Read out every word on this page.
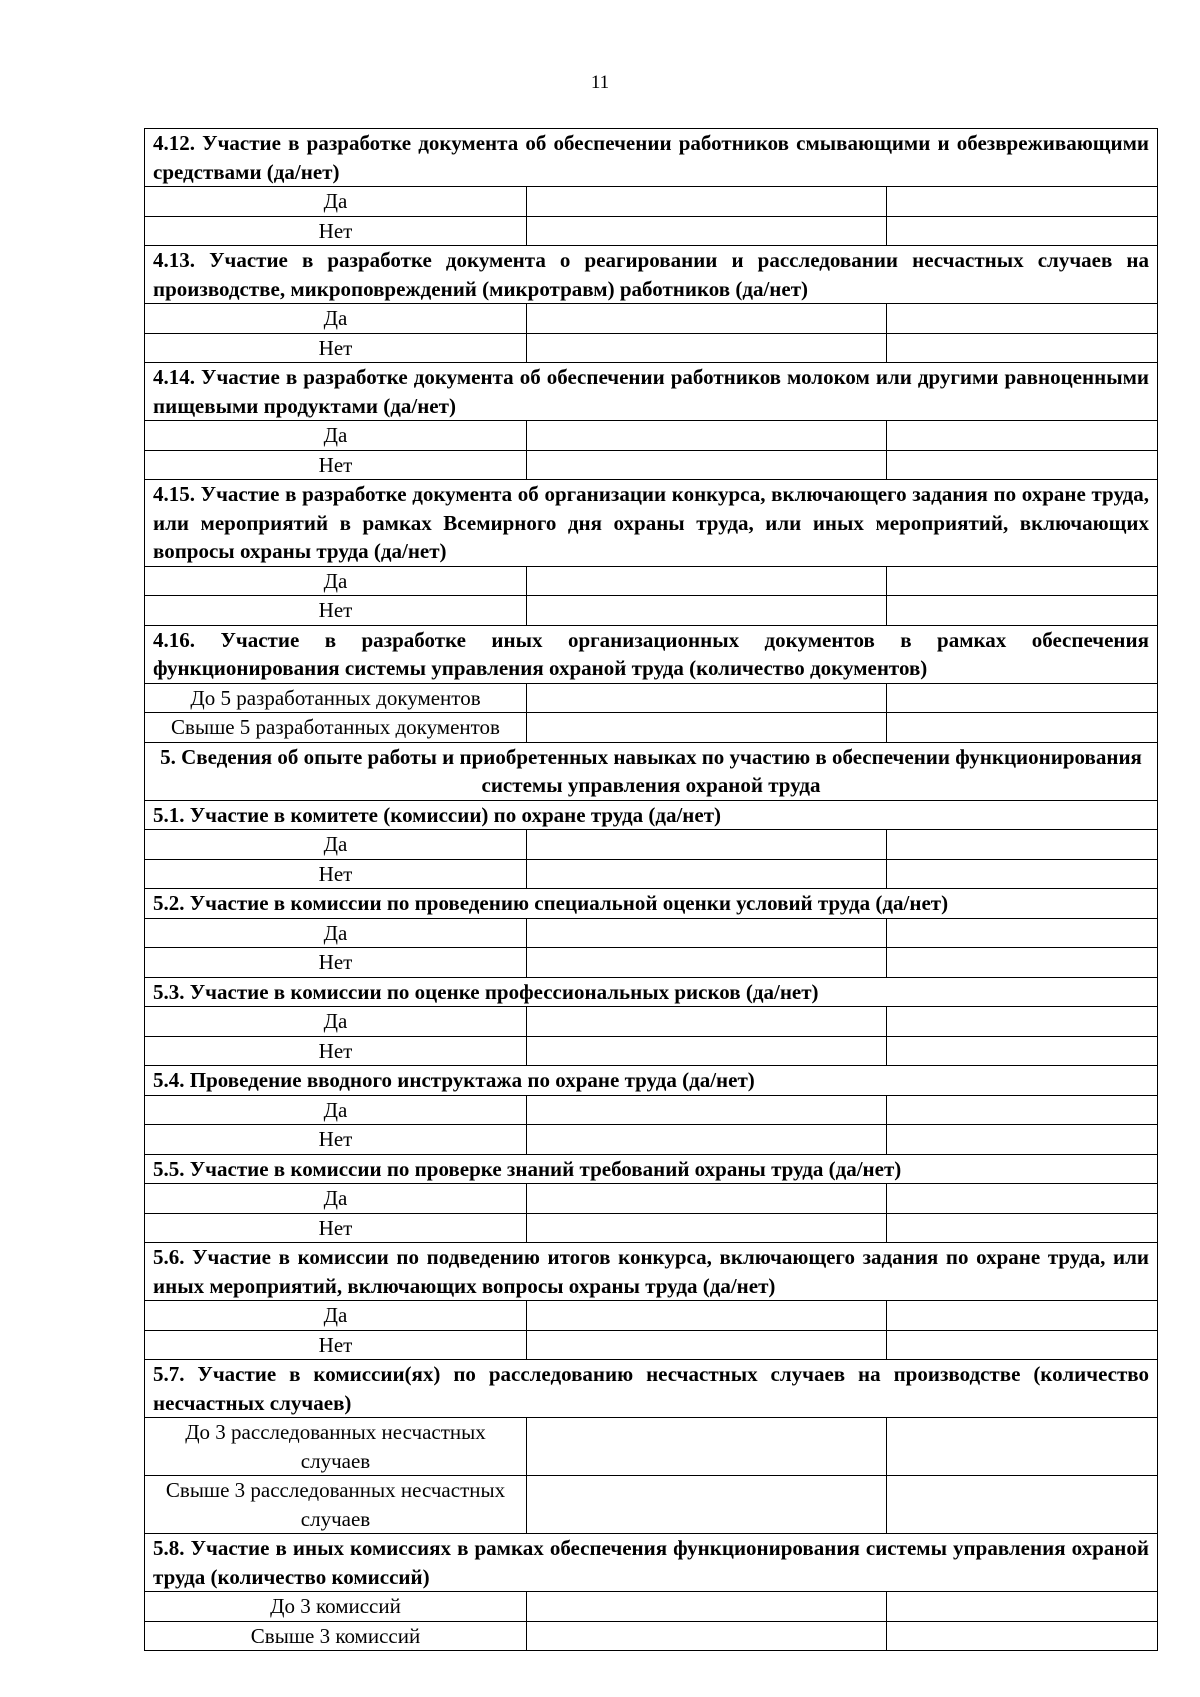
11
4.12. Участие в разработке документа об обеспечении работников смывающими и обезвреживающими средствами (да/нет)		
Да		
Нет		
4.13. Участие в разработке документа о реагировании и расследовании несчастных случаев на производстве, микроповреждений (микротравм) работников (да/нет)		
Да		
Нет		
4.14. Участие в разработке документа об обеспечении работников молоком или другими равноценными пищевыми продуктами (да/нет)		
Да		
Нет		
4.15. Участие в разработке документа об организации конкурса, включающего задания по охране труда, или мероприятий в рамках Всемирного дня охраны труда, или иных мероприятий, включающих вопросы охраны труда (да/нет)		
Да		
Нет		
4.16. Участие в разработке иных организационных документов в рамках обеспечения функционирования системы управления охраной труда (количество документов)		
До 5 разработанных документов		
Свыше 5 разработанных документов		
5. Сведения об опыте работы и приобретенных навыках по участию в обеспечении функционирования системы управления охраной труда		
5.1. Участие в комитете (комиссии) по охране труда (да/нет)		
Да		
Нет		
5.2. Участие в комиссии по проведению специальной оценки условий труда (да/нет)		
Да		
Нет		
5.3. Участие в комиссии по оценке профессиональных рисков (да/нет)		
Да		
Нет		
5.4. Проведение вводного инструктажа по охране труда (да/нет)		
Да		
Нет		
5.5. Участие в комиссии по проверке знаний требований охраны труда (да/нет)		
Да		
Нет		
5.6. Участие в комиссии по подведению итогов конкурса, включающего задания по охране труда, или иных мероприятий, включающих вопросы охраны труда (да/нет)		
Да		
Нет		
5.7. Участие в комиссии(ях) по расследованию несчастных случаев на производстве (количество несчастных случаев)		
До 3 расследованных несчастных случаев		
Свыше 3 расследованных несчастных случаев		
5.8. Участие в иных комиссиях в рамках обеспечения функционирования системы управления охраной труда (количество комиссий)		
До 3 комиссий		
Свыше 3 комиссий		
